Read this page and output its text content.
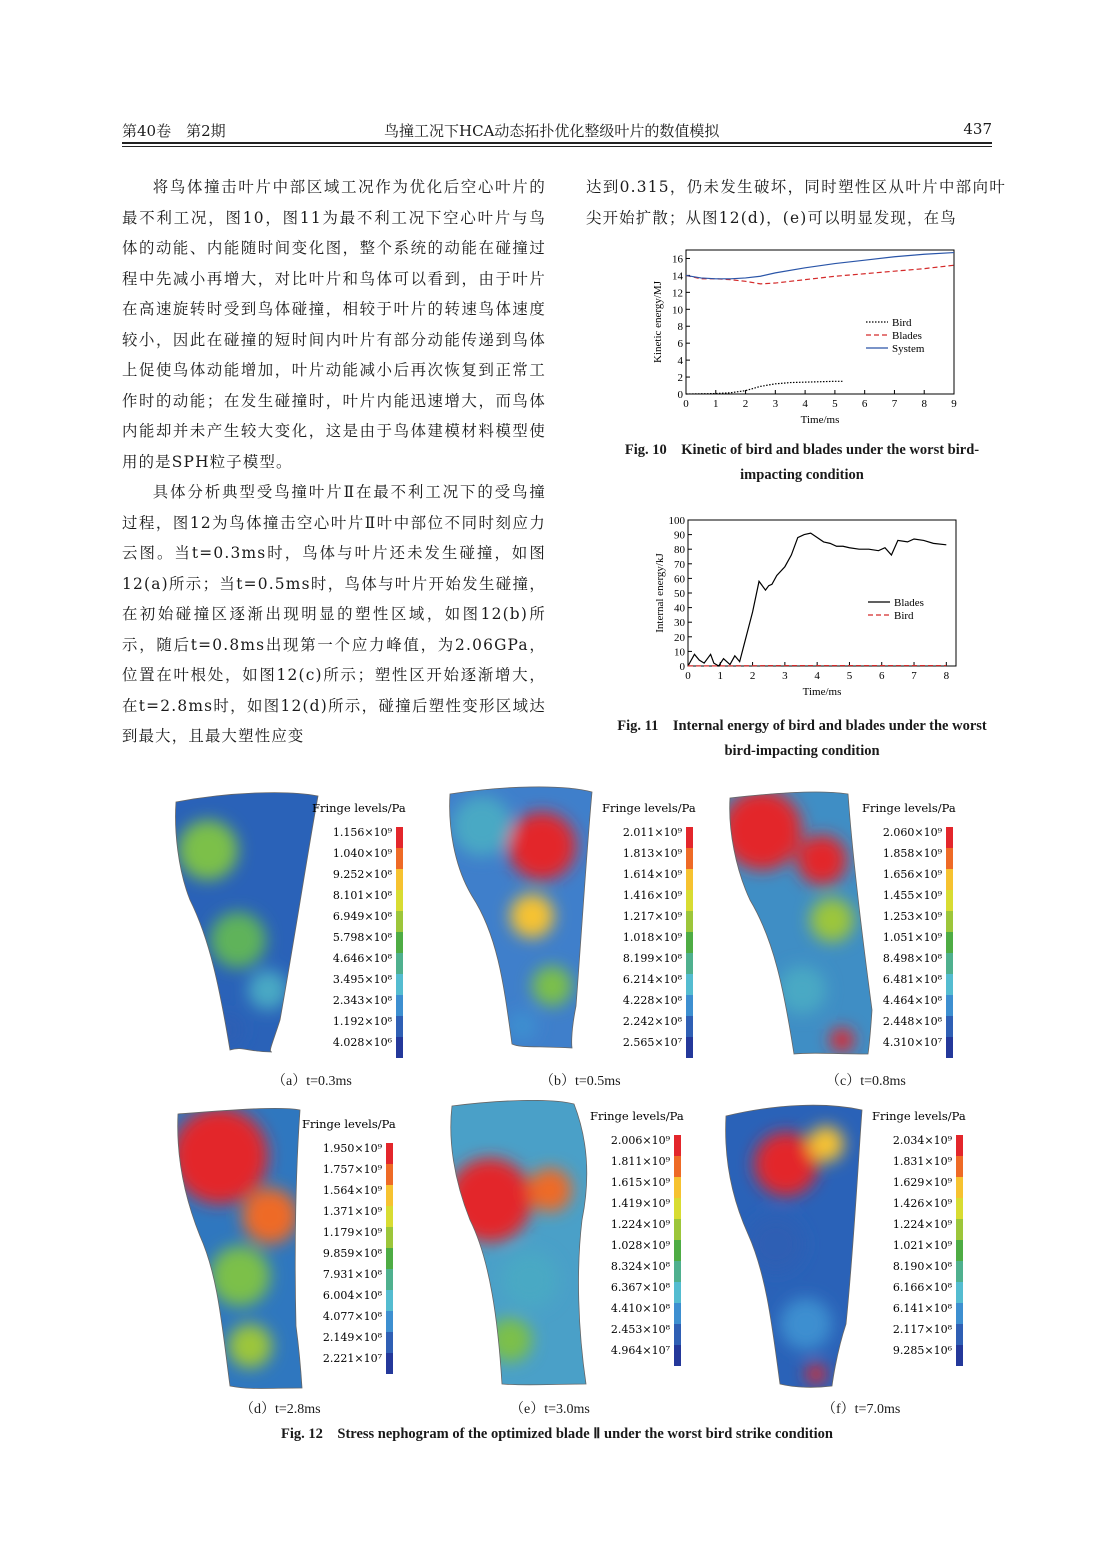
第40卷　第2期	鸟撞工况下HCA动态拓扑优化整级叶片的数值模拟	437

将鸟体撞击叶片中部区域工况作为优化后空心叶片的最不利工况，图10，图11为最不利工况下空心叶片与鸟体的动能、内能随时间变化图，整个系统的动能在碰撞过程中先减小再增大，对比叶片和鸟体可以看到，由于叶片在高速旋转时受到鸟体碰撞，相较于叶片的转速鸟体速度较小，因此在碰撞的短时间内叶片有部分动能传递到鸟体上促使鸟体动能增加，叶片动能减小后再次恢复到正常工作时的动能；在发生碰撞时，叶片内能迅速增大，而鸟体内能却并未产生较大变化，这是由于鸟体建模材料模型使用的是SPH粒子模型。

具体分析典型受鸟撞叶片Ⅱ在最不利工况下的受鸟撞过程，图12为鸟体撞击空心叶片Ⅱ叶中部位不同时刻应力云图。当t=0.3ms时，鸟体与叶片还未发生碰撞，如图12(a)所示；当t=0.5ms时，鸟体与叶片开始发生碰撞，在初始碰撞区逐渐出现明显的塑性区域，如图12(b)所示，随后t=0.8ms出现第一个应力峰值，为2.06GPa，位置在叶根处，如图12(c)所示；塑性区开始逐渐增大，在t=2.8ms时，如图12(d)所示，碰撞后塑性变形区域达到最大，且最大塑性应变

达到0.315，仍未发生破坏，同时塑性区从叶片中部向叶尖开始扩散；从图12(d)，(e)可以明显发现，在鸟

0 1 2 3 4 5 6 7 8 9
0
2
4
6
8
10
12
14
16
Time/ms
Kinetic energy/MJ	Bird
Blades
System
Fig. 10　Kinetic of bird and blades under the worst bird-
impacting condition
0 1 2 3 4 5 6 7 8
0
10
20
30
40
50
60
70
80
90
100
Time/ms
Internal energy/kJ	Blades
Bird
Fig. 11　Internal energy of bird and blades under the worst
bird-impacting condition
Fringe levels/Pa
1.156×10⁹
1.040×10⁹
9.252×10⁸
8.101×10⁸
6.949×10⁸
5.798×10⁸
4.646×10⁸
3.495×10⁸
2.343×10⁸
1.192×10⁸
4.028×10⁶
（a）t=0.3ms
Fringe levels/Pa
2.011×10⁹
1.813×10⁹
1.614×10⁹
1.416×10⁹
1.217×10⁹
1.018×10⁹
8.199×10⁸
6.214×10⁸
4.228×10⁸
2.242×10⁸
2.565×10⁷
（b）t=0.5ms
Fringe levels/Pa
2.060×10⁹
1.858×10⁹
1.656×10⁹
1.455×10⁹
1.253×10⁹
1.051×10⁹
8.498×10⁸
6.481×10⁸
4.464×10⁸
2.448×10⁸
4.310×10⁷
（c）t=0.8ms
Fringe levels/Pa
1.950×10⁹
1.757×10⁹
1.564×10⁹
1.371×10⁹
1.179×10⁹
9.859×10⁸
7.931×10⁸
6.004×10⁸
4.077×10⁸
2.149×10⁸
2.221×10⁷
（d）t=2.8ms
Fringe levels/Pa
2.006×10⁹
1.811×10⁹
1.615×10⁹
1.419×10⁹
1.224×10⁹
1.028×10⁹
8.324×10⁸
6.367×10⁸
4.410×10⁸
2.453×10⁸
4.964×10⁷
（e）t=3.0ms
Fringe levels/Pa
2.034×10⁹
1.831×10⁹
1.629×10⁹
1.426×10⁹
1.224×10⁹
1.021×10⁹
8.190×10⁸
6.166×10⁸
6.141×10⁸
2.117×10⁸
9.285×10⁶
（f）t=7.0ms
Fig. 12　Stress nephogram of the optimized blade Ⅱ under the worst bird strike condition
